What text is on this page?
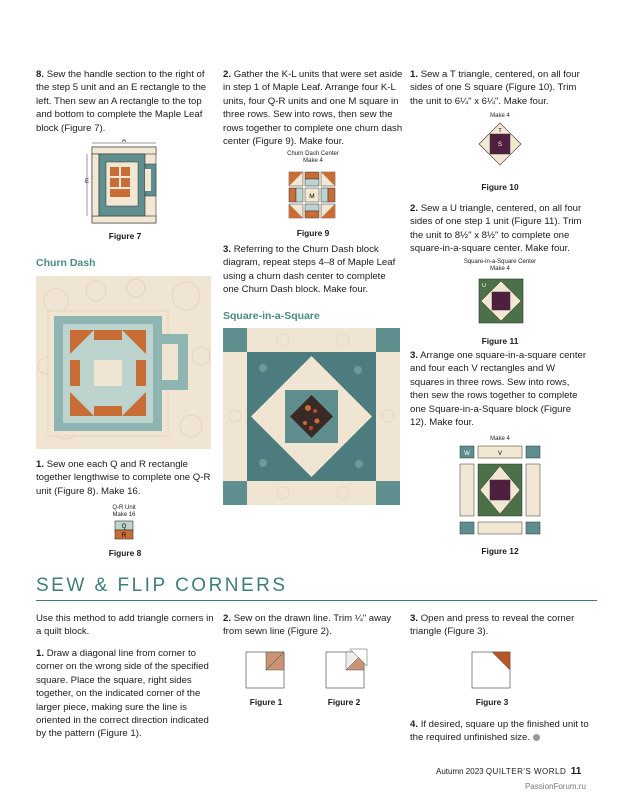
8. Sew the handle section to the right of the step 5 unit and an E rectangle to the left. Then sew an A rectangle to the top and bottom to complete the Maple Leaf block (Figure 7).
A
E
Figure 7
Churn Dash
1. Sew one each Q and R rectangle together lengthwise to complete one Q-R unit (Figure 8). Make 16.
Q-R Unit
Make 16
Q
R
Figure 8
2. Gather the K-L units that were set aside in step 1 of Maple Leaf. Arrange four K-L units, four Q-R units and one M square in three rows. Sew into rows, then sew the rows together to complete one churn dash center (Figure 9). Make four.
Churn Dash Center
Make 4
M
Figure 9
3. Referring to the Churn Dash block diagram, repeat steps 4–8 of Maple Leaf using a churn dash center to complete one Churn Dash block. Make four.
Square-in-a-Square
1. Sew a T triangle, centered, on all four sides of one S square (Figure 10). Trim the unit to 6¼" x 6¼". Make four.
Make 4
T
S
Figure 10
2. Sew a U triangle, centered, on all four sides of one step 1 unit (Figure 11). Trim the unit to 8½" x 8½" to complete one square-in-a-square center. Make four.
Square-in-a-Square Center
Make 4
U
Figure 11
3. Arrange one square-in-a-square center and four each V rectangles and W squares in three rows. Sew into rows, then sew the rows together to complete one Square-in-a-Square block (Figure 12). Make four.
Make 4
W	V
Figure 12
SEW & FLIP CORNERS
Use this method to add triangle corners in a quilt block.
1. Draw a diagonal line from corner to corner on the wrong side of the specified square. Place the square, right sides together, on the indicated corner of the larger piece, making sure the line is oriented in the correct direction indicated by the pattern (Figure 1).
2. Sew on the drawn line. Trim ¼" away from sewn line (Figure 2).
Figure 1	Figure 2
3. Open and press to reveal the corner triangle (Figure 3).
Figure 3
4. If desired, square up the finished unit to the required unfinished size.
Autumn 2023 QUILTER'S WORLD 11
PassionForum.ru
